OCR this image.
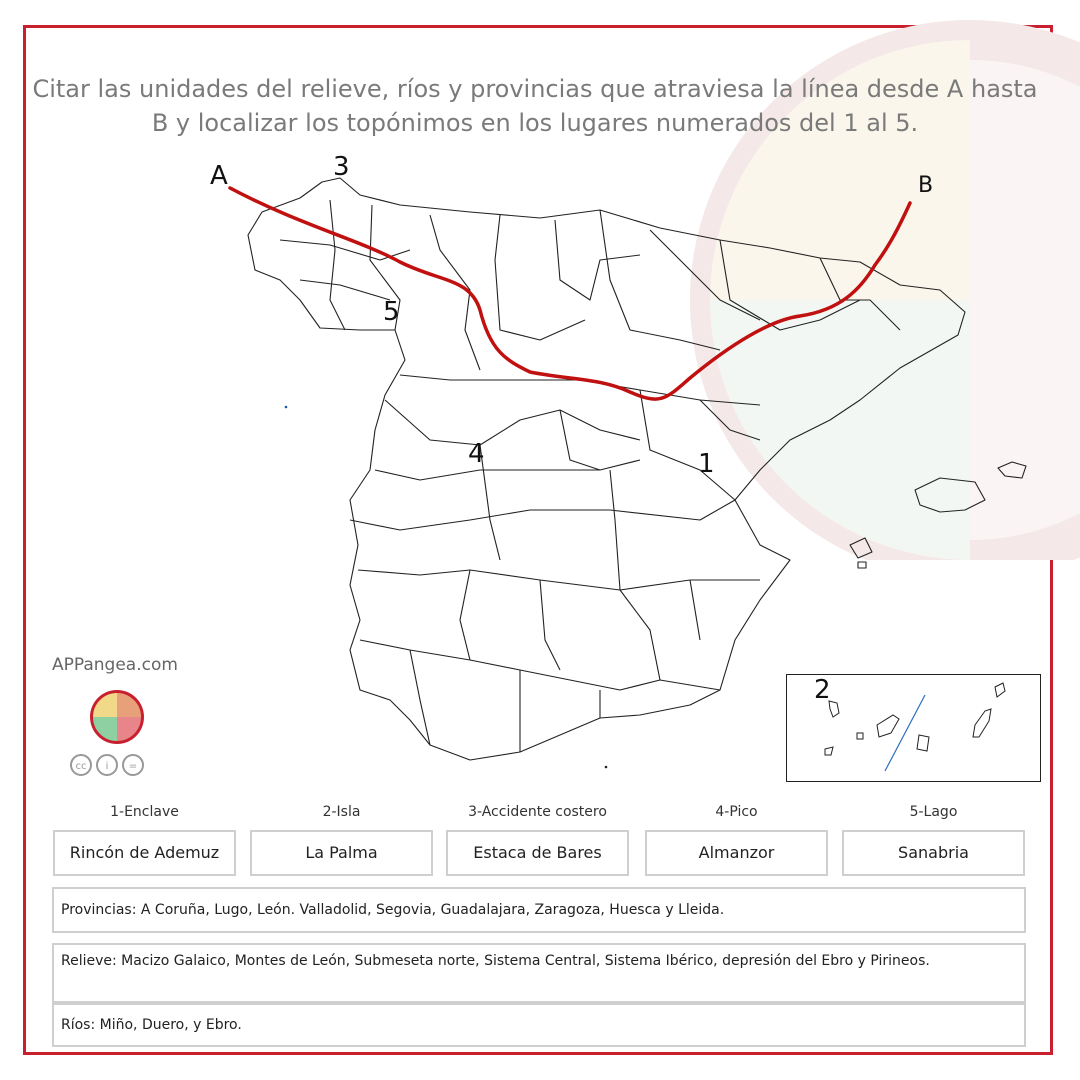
Citar las unidades del relieve, ríos y provincias que atraviesa la línea desde A hasta B y localizar los topónimos en los lugares numerados del 1 al 5.
A	B
1
3
4
5
2
APPangea.com
cc i =
1-Enclave	2-Isla	3-Accidente costero	4-Pico	5-Lago
Rincón de Ademuz	La Palma	Estaca de Bares	Almanzor	Sanabria
Provincias: A Coruña, Lugo, León. Valladolid, Segovia, Guadalajara, Zaragoza, Huesca y Lleida.
Relieve: Macizo Galaico, Montes de León, Submeseta norte, Sistema Central, Sistema Ibérico, depresión del Ebro y Pirineos.
Ríos: Miño, Duero, y Ebro.
